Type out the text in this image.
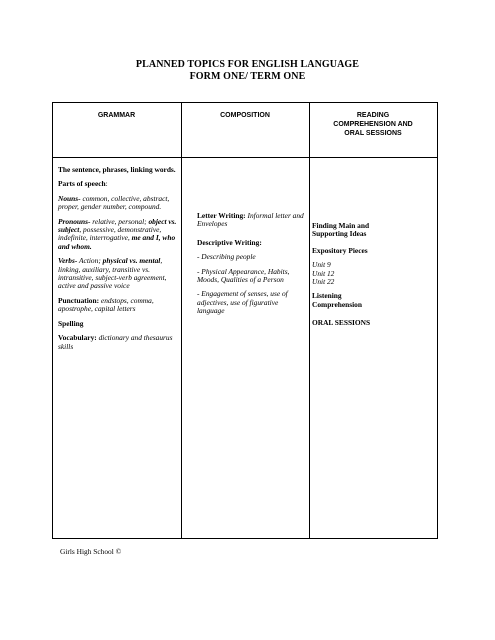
PLANNED TOPICS FOR ENGLISH LANGUAGE
FORM ONE/ TERM ONE
GRAMMAR	COMPOSITION	READING
COMPREHENSION AND
ORAL SESSIONS

The sentence, phrases, linking words.

Parts of speech:

Nouns- common, collective, abstract, proper, gender number, compound.

Pronouns- relative, personal; object vs. subject, possessive, demonstrative, indefinite, interrogative, me and I, who and whom.

Verbs- Action; physical vs. mental, linking, auxiliary, transitive vs. intransitive, subject-verb agreement, active and passive voice

Punctuation: endstops, comma, apostrophe, capital letters

Spelling

Vocabulary: dictionary and thesaurus skills

Letter Writing: Informal letter and Envelopes

Descriptive Writing:

- Describing people

- Physical Appearance, Habits, Moods, Qualities of a Person

- Engagement of senses, use of adjectives, use of figurative language

Finding Main and Supporting Ideas

Expository Pieces

Unit 9
Unit 12
Unit 22

Listening Comprehension

ORAL SESSIONS

Girls High School ©
